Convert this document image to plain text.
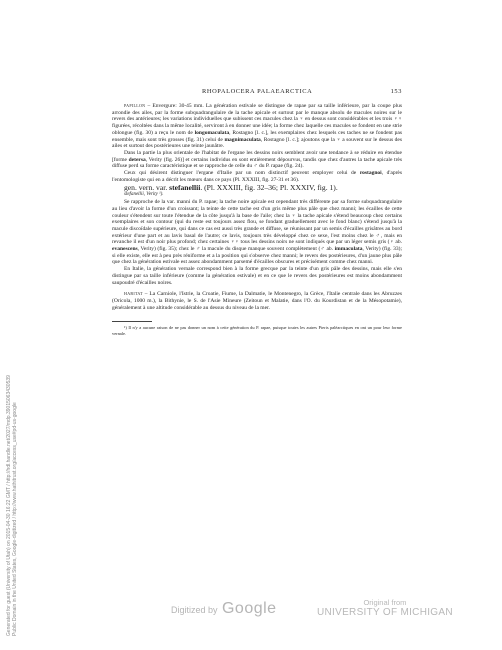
RHOPALOCERA PALAEARCTICA	153

papillon – Envergure: 30-45 mm. La génération estivale se distingue de rapae par sa taille inférieure, par la coupe plus arrondie des ailes, par la forme subquadrangulaire de la tache apicale et surtout par le manque absolu de macules noires sur le revers des antérieures; les variations individuelles que subissent ces macules chez la ♀ en dessus sont considérables et les trois ♀♀ figurées, récoltées dans la même localité, serviront à en donner une idée; la forme chez laquelle ces macules se fondent en une strie oblongue (fig. 30) a reçu le nom de longomaculata, Rostagno [l. c.], les exemplaires chez lesquels ces taches ne se fondent pas ensemble, mais sont très grosses (fig. 31) celui de magnimaculata, Rostagno [l. c.]; ajoutons que la ♀ a souvent sur le dessus des ailes et surtout des postérieures une teinte jaunâtre.

Dans la partie la plus orientale de l'habitat de l'ergane les dessins noirs semblent avoir une tendance à se réduire en étendue [forme detersa, Verity (fig. 26)] et certains individus en sont entièrement dépourvus, tandis que chez d'autres la tache apicale très diffuse perd sa forme caractéristique et se rapproche de celle du ♂ du P. rapae (fig. 24).

Ceux qui désirent distinguer l'ergane d'Italie par un nom distinctif peuvent employer celui de rostagnoi, d'après l'entomologiste qui en a décrit les mœurs dans ce pays (Pl. XXXIII, fig. 27-31 et 36).

gen. vern. var. stefanellii. (Pl. XXXIII, fig. 32–36; Pl. XXXIV, fig. 1).

stefanellii, Verity ¹).

Se rapproche de la var. manni du P. rapae; la tache noire apicale est cependant très différente par sa forme subquadrangulaire au lieu d'avoir la forme d'un croissant; la teinte de cette tache est d'un gris même plus pâle que chez manni; les écailles de cette couleur s'étendent sur toute l'étendue de la côte jusqu'à la base de l'aile; chez la ♀ la tache apicale s'étend beaucoup chez certains exemplaires et son contour (qui du reste est toujours assez flou, se fondant graduellement avec le fond blanc) s'étend jusqu'à la macule discoïdale supérieure, qui dans ce cas est aussi très grande et diffuse, se réunissant par un semis d'écailles grisâtres au bord extérieur d'une part et au lavis basal de l'autre; ce lavis, toujours très développé chez ce sexe, l'est moins chez le ♂, mais en revanche il est d'un noir plus profond; chez certaines ♀♀ tous les dessins noirs ne sont indiqués que par un léger semis gris (♀ ab. evanescens, Verity) (fig. 35); chez le ♂ la macule du disque manque souvent complètement (♂ ab. immaculata, Verity) (fig. 33); si elle existe, elle est à peu près réniforme et a la position qui s'observe chez manni; le revers des postérieures, d'un jaune plus pâle que chez la génération estivale est assez abondamment parsemé d'écailles obscures et précisément comme chez manni.

En Italie, la génération vernale correspond bien à la forme grecque par la teinte d'un gris pâle des dessins, mais elle s'en distingue par sa taille inférieure (comme la génération estivale) et en ce que le revers des postérieures est moins abondamment saupoudré d'écailles noires.

habitat – La Carniole, l'Istrie, la Croatie, Fiume, la Dalmatie, le Montenegro, la Grèce, l'Italie centrale dans les Abruzzes (Oricola, 1000 m.), la Bithynie, le S. de l'Asie Mineure (Zeitoun et Malatie, dans l'O. du Kourdistan et de la Mésopotamie), généralement à une altitude considérable au dessus du niveau de la mer.

¹) Il n'y a aucune raison de ne pas donner un nom à cette génération du P. rapae, puisque toutes les autres Pieris paléarctiques en ont un pour leur forme vernale.

Generated for guest (University of Utah) on 2015-04-30 16:22 GMT / http://hdl.handle.net/2027/mdp.39015063430539 Public Domain in the United States, Google-digitized / http://www.hathitrust.org/access_use#pd-us-google	Digitized by Google	Original from
UNIVERSITY OF MICHIGAN
